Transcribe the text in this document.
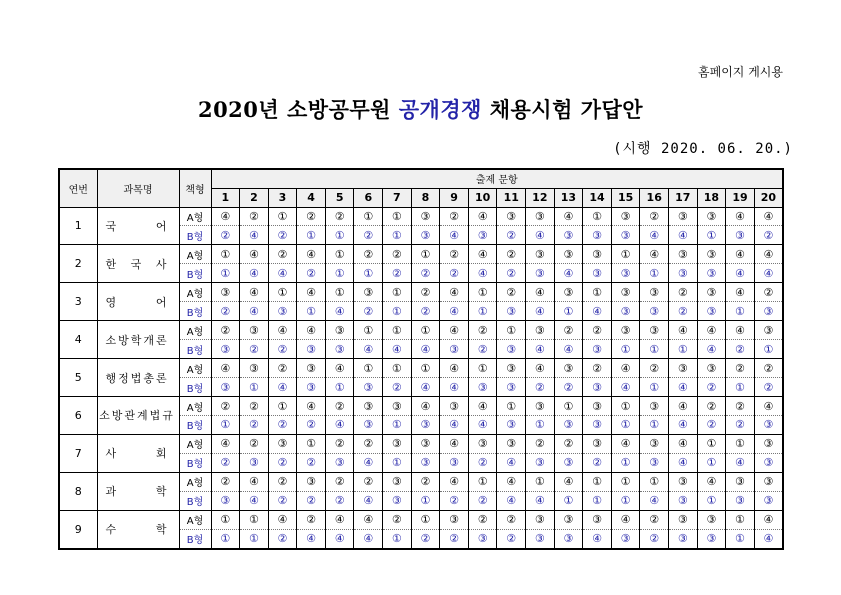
홈페이지 게시용
2020년 소방공무원 공개경쟁 채용시험 가답안
(시행 2020. 06. 20.)
연번	과목명	책형	출제 문항																			
			1	2	3	4	5	6	7	8	9	10	11	12	13	14	15	16	17	18	19	20
1	국 어	A형	④	②	①	②	②	①	①	③	②	④	③	③	④	①	③	②	③	③	④	④
		B형	②	④	②	①	①	②	①	③	④	③	②	④	③	③	③	④	④	①	③	②
2	한 국 사	A형	①	④	②	④	①	②	②	①	②	④	②	③	③	③	①	④	③	③	④	④
		B형	①	④	④	②	①	①	②	②	②	④	②	③	④	③	③	①	③	③	④	④
3	영 어	A형	③	④	①	④	①	③	①	②	④	①	②	④	③	①	③	③	②	③	④	②
		B형	②	④	③	①	④	②	①	②	④	①	③	④	①	④	③	③	②	③	①	③
4	소방학개론	A형	②	③	④	④	③	①	①	①	④	②	①	③	②	②	③	③	④	④	④	③
		B형	③	②	②	③	③	④	④	④	③	②	③	④	④	③	①	①	①	④	②	①
5	행정법총론	A형	④	③	②	③	④	①	①	①	④	①	③	④	③	②	④	②	③	③	②	②
		B형	③	①	④	③	①	③	②	④	④	③	③	②	②	③	④	①	④	②	①	②
6	소방관계법규	A형	②	②	①	④	②	③	③	④	③	④	①	③	①	③	①	③	④	②	②	④
		B형	①	②	②	②	④	③	①	③	④	④	③	①	③	③	①	①	④	②	②	③
7	사 회	A형	④	②	③	①	②	②	③	③	④	③	③	②	②	③	④	③	④	①	①	③
		B형	②	③	②	②	③	④	①	③	③	②	④	③	③	②	①	③	④	①	④	③
8	과 학	A형	②	④	②	③	②	②	③	②	④	①	④	①	④	①	①	①	③	④	③	③
		B형	③	④	②	②	②	④	③	①	②	②	④	④	①	①	①	④	③	①	③	③
9	수 학	A형	①	①	④	②	④	④	②	①	③	②	②	③	③	③	④	②	③	③	①	④
		B형	①	①	②	④	④	④	①	②	②	③	②	③	③	④	③	②	③	③	①	④
